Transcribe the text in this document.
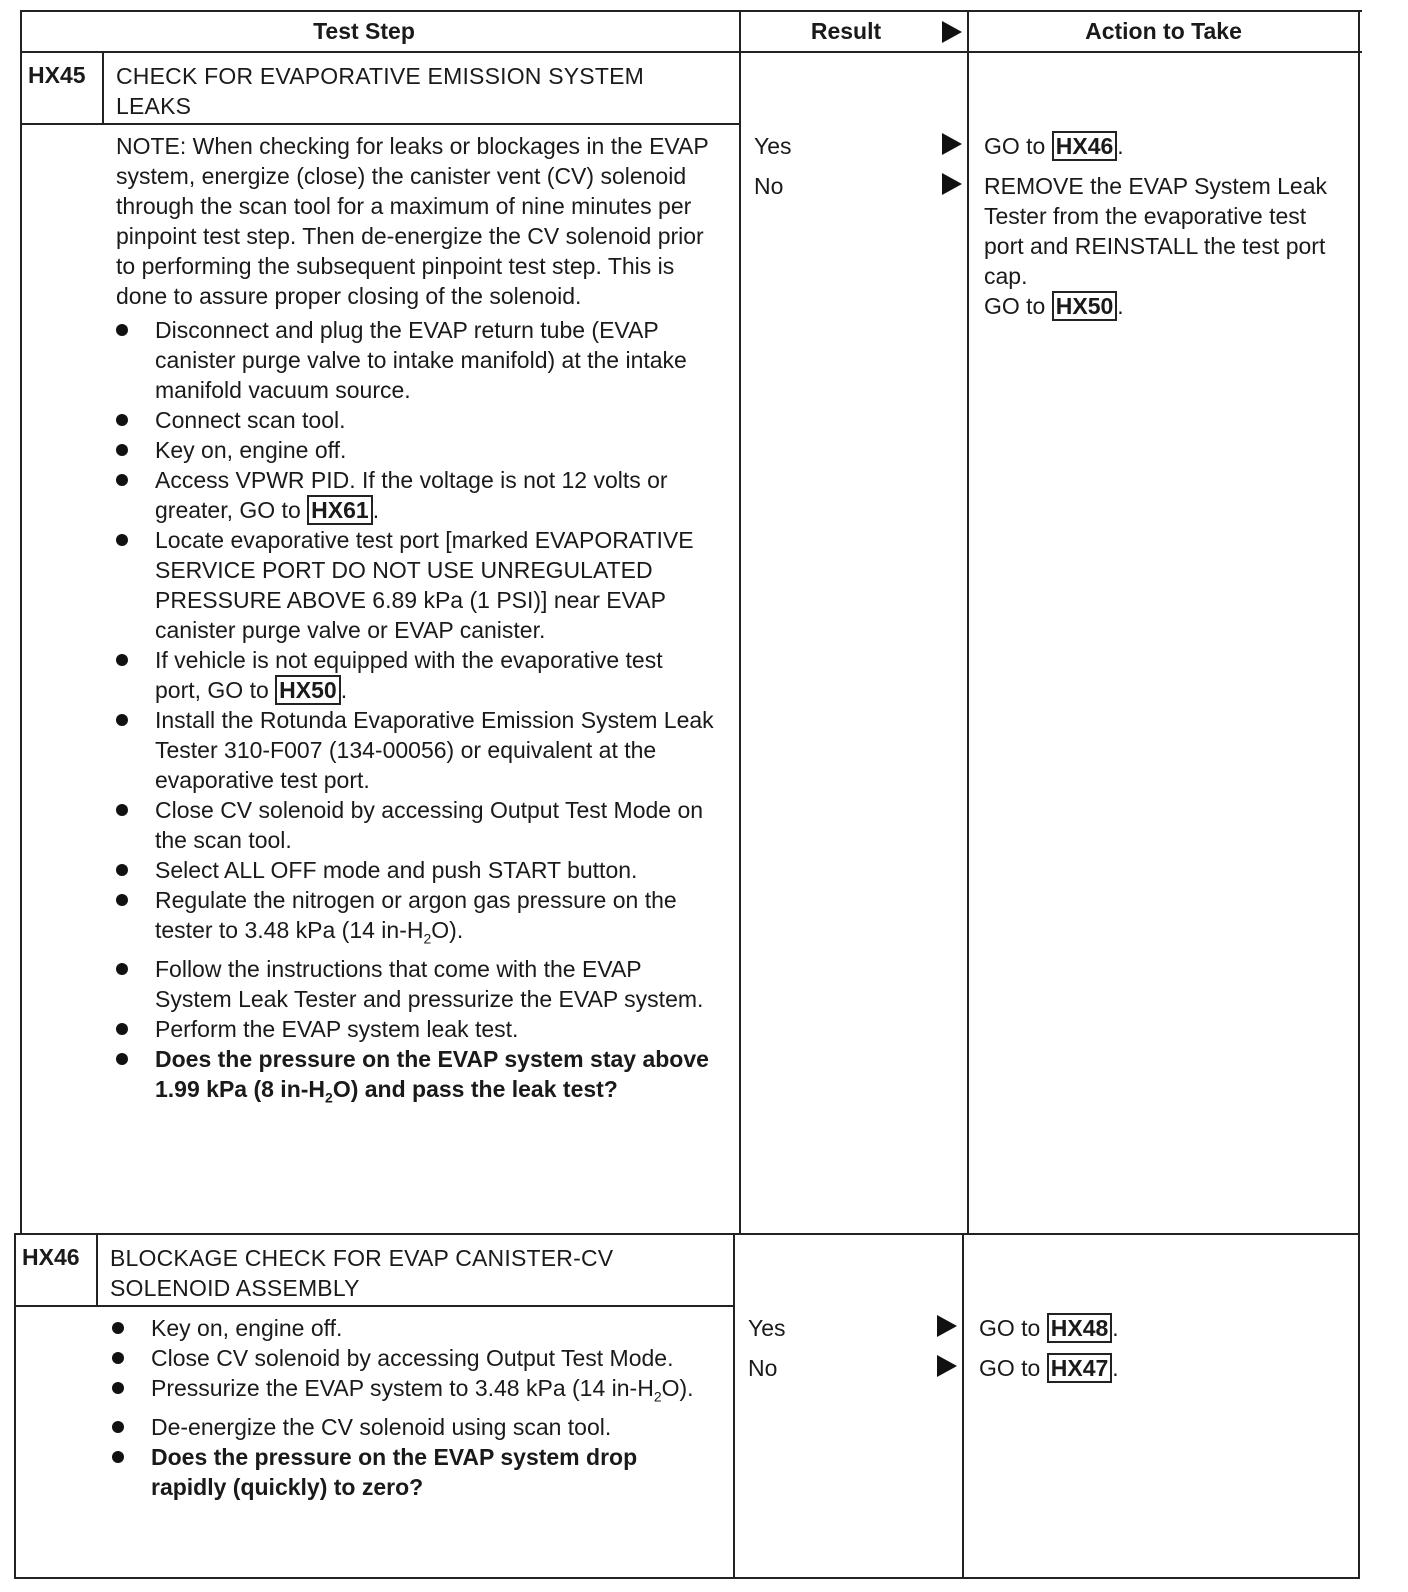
Test Step	Result	Action to Take
HX45 CHECK FOR EVAPORATIVE EMISSION SYSTEM LEAKS
NOTE: When checking for leaks or blockages in the EVAP system, energize (close) the canister vent (CV) solenoid through the scan tool for a maximum of nine minutes per pinpoint test step. Then de-energize the CV solenoid prior to performing the subsequent pinpoint test step. This is done to assure proper closing of the solenoid.
Disconnect and plug the EVAP return tube (EVAP canister purge valve to intake manifold) at the intake manifold vacuum source.
Connect scan tool.
Key on, engine off.
Access VPWR PID. If the voltage is not 12 volts or greater, GO to HX61 .
Locate evaporative test port [marked EVAPORATIVE SERVICE PORT DO NOT USE UNREGULATED PRESSURE ABOVE 6.89 kPa (1 PSI)] near EVAP canister purge valve or EVAP canister.
If vehicle is not equipped with the evaporative test port, GO to HX50 .
Install the Rotunda Evaporative Emission System Leak Tester 310-F007 (134-00056) or equivalent at the evaporative test port.
Close CV solenoid by accessing Output Test Mode on the scan tool.
Select ALL OFF mode and push START button.
Regulate the nitrogen or argon gas pressure on the tester to 3.48 kPa (14 $in-H_2O$).
Follow the instructions that come with the EVAP System Leak Tester and pressurize the EVAP system.
Perform the EVAP system leak test.
Does the pressure on the EVAP system stay above 1.99 kPa (8 $in-H_2O$) and pass the leak test?
Yes
No
GO to HX46 .
REMOVE the EVAP System Leak Tester from the evaporative test port and REINSTALL the test port cap.
GO to HX50 .
HX46 BLOCKAGE CHECK FOR EVAP CANISTER-CV SOLENOID ASSEMBLY
Key on, engine off.
Close CV solenoid by accessing Output Test Mode.
Pressurize the EVAP system to 3.48 kPa (14 $in-H_2O$).
De-energize the CV solenoid using scan tool.
Does the pressure on the EVAP system drop rapidly (quickly) to zero?
Yes
No
GO to HX48 .
GO to HX47 .
